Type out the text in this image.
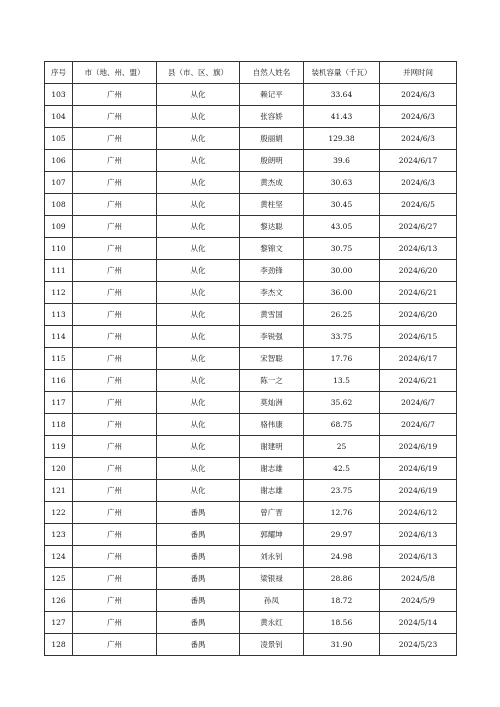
序号	市（地、州、盟）	县（市、区、旗）	自然人姓名	装机容量（千瓦）	并网时间
103	广州	从化	赖记平	33.64	2024/6/3
104	广州	从化	张容娇	41.43	2024/6/3
105	广州	从化	殷丽娟	129.38	2024/6/3
106	广州	从化	殷朗明	39.6	2024/6/17
107	广州	从化	黄杰成	30.63	2024/6/3
108	广州	从化	黄柱坚	30.45	2024/6/5
109	广州	从化	黎达聪	43.05	2024/6/27
110	广州	从化	黎锦文	30.75	2024/6/13
111	广州	从化	李劲锋	30.00	2024/6/20
112	广州	从化	李杰文	36.00	2024/6/21
113	广州	从化	黄雪国	26.25	2024/6/20
114	广州	从化	李锐强	33.75	2024/6/15
115	广州	从化	宋智聪	17.76	2024/6/17
116	广州	从化	陈一之	13.5	2024/6/21
117	广州	从化	莫灿洲	35.62	2024/6/7
118	广州	从化	骆伟康	68.75	2024/6/7
119	广州	从化	谢建明	25	2024/6/19
120	广州	从化	谢志雄	42.5	2024/6/19
121	广州	从化	谢志雄	23.75	2024/6/19
122	广州	番禺	曾广晋	12.76	2024/6/12
123	广州	番禺	郭耀坤	29.97	2024/6/13
124	广州	番禺	刘永钊	24.98	2024/6/13
125	广州	番禺	梁银禄	28.86	2024/5/8
126	广州	番禺	孙凤	18.72	2024/5/9
127	广州	番禺	黄永红	18.56	2024/5/14
128	广州	番禺	凌景钊	31.90	2024/5/23
